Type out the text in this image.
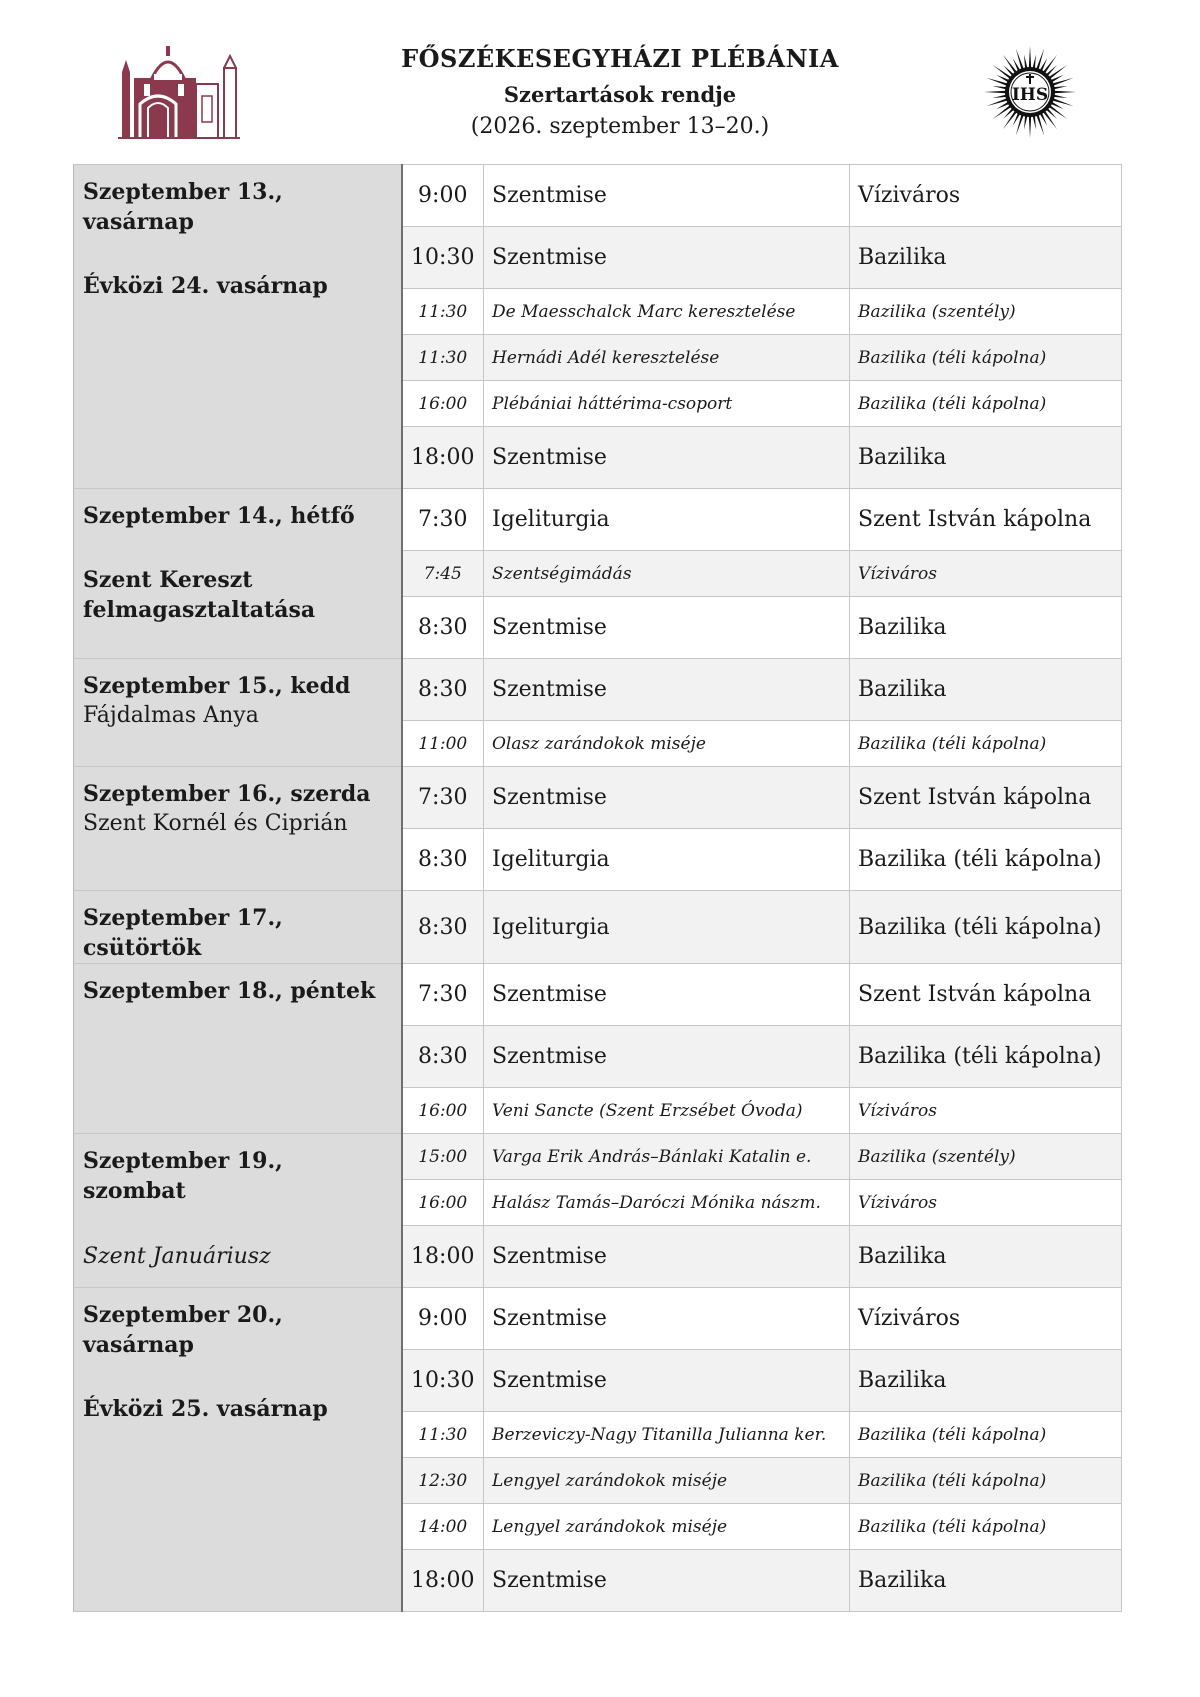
FŐSZÉKESEGYHÁZI PLÉBÁNIA
Szertartások rendje
(2026. szeptember 13–20.)
IHS
Szeptember 13., vasárnap
Évközi 24. vasárnap	9:00	Szentmise	Víziváros
	10:30	Szentmise	Bazilika
	11:30	De Maesschalck Marc keresztelése	Bazilika (szentély)
	11:30	Hernádi Adél keresztelése	Bazilika (téli kápolna)
	16:00	Plébániai háttérima-csoport	Bazilika (téli kápolna)
	18:00	Szentmise	Bazilika

Szeptember 14., hétfő
Szent Kereszt felmagasztaltatása	7:30	Igeliturgia	Szent István kápolna
	7:45	Szentségimádás	Víziváros
	8:30	Szentmise	Bazilika

Szeptember 15., kedd
Fájdalmas Anya	8:30	Szentmise	Bazilika
	11:00	Olasz zarándokok miséje	Bazilika (téli kápolna)

Szeptember 16., szerda
Szent Kornél és Ciprián	7:30	Szentmise	Szent István kápolna
	8:30	Igeliturgia	Bazilika (téli kápolna)

Szeptember 17., csütörtök	8:30	Igeliturgia	Bazilika (téli kápolna)

Szeptember 18., péntek	7:30	Szentmise	Szent István kápolna
	8:30	Szentmise	Bazilika (téli kápolna)
	16:00	Veni Sancte (Szent Erzsébet Óvoda)	Víziváros

Szeptember 19., szombat
Szent Januáriusz	15:00	Varga Erik András–Bánlaki Katalin e.	Bazilika (szentély)
	16:00	Halász Tamás–Daróczi Mónika nászm.	Víziváros
	18:00	Szentmise	Bazilika

Szeptember 20., vasárnap
Évközi 25. vasárnap	9:00	Szentmise	Víziváros
	10:30	Szentmise	Bazilika
	11:30	Berzeviczy-Nagy Titanilla Julianna ker.	Bazilika (téli kápolna)
	12:30	Lengyel zarándokok miséje	Bazilika (téli kápolna)
	14:00	Lengyel zarándokok miséje	Bazilika (téli kápolna)
	18:00	Szentmise	Bazilika
